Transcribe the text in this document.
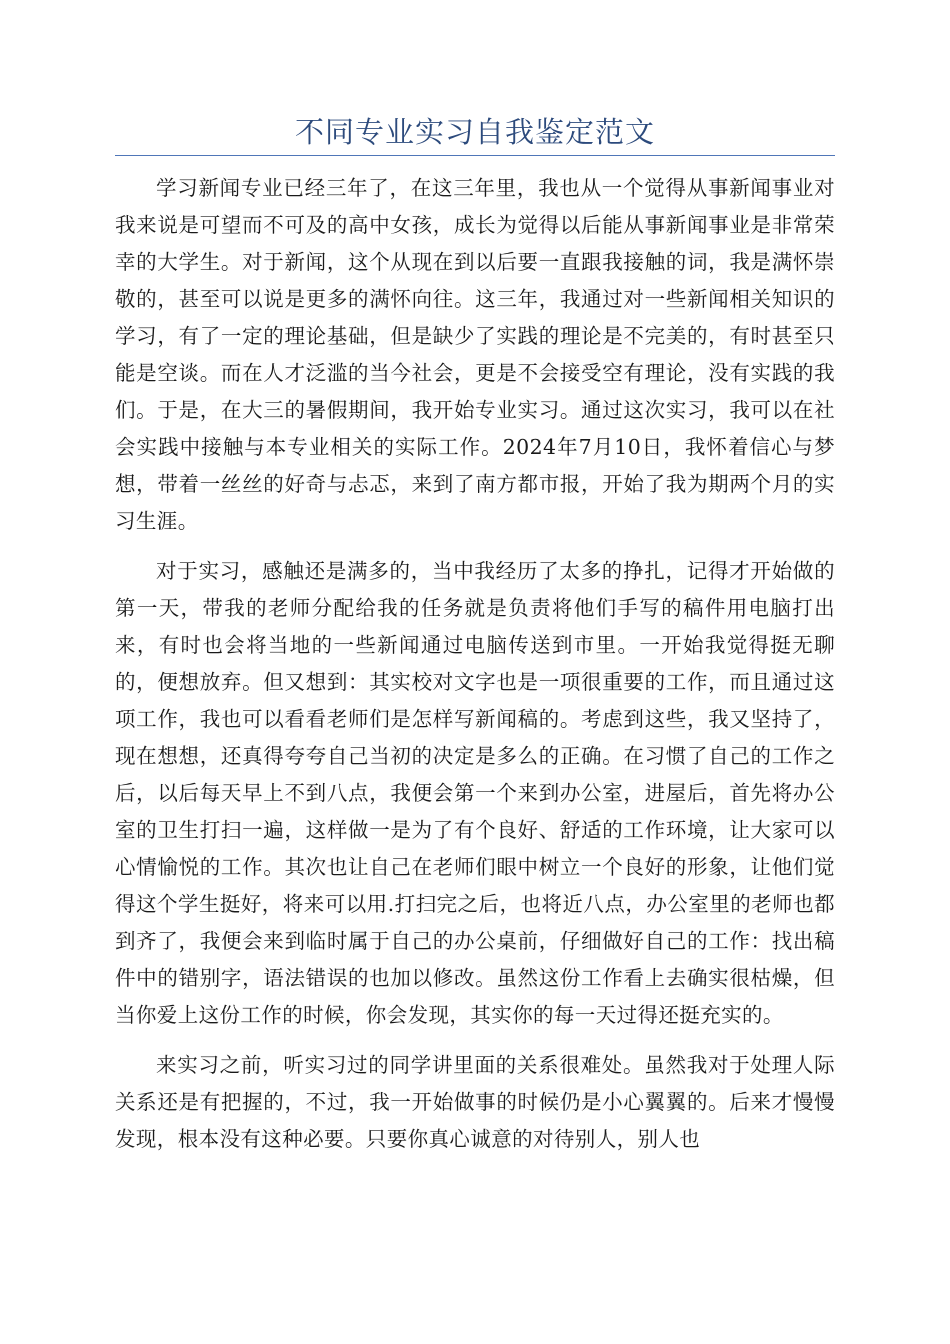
不同专业实习自我鉴定范文

学习新闻专业已经三年了，在这三年里，我也从一个觉得从事新闻事业对我来说是可望而不可及的高中女孩，成长为觉得以后能从事新闻事业是非常荣幸的大学生。对于新闻，这个从现在到以后要一直跟我接触的词，我是满怀崇敬的，甚至可以说是更多的满怀向往。这三年，我通过对一些新闻相关知识的学习，有了一定的理论基础，但是缺少了实践的理论是不完美的，有时甚至只能是空谈。而在人才泛滥的当今社会，更是不会接受空有理论，没有实践的我们。于是，在大三的暑假期间，我开始专业实习。通过这次实习，我可以在社会实践中接触与本专业相关的实际工作。2024年7月10日，我怀着信心与梦想，带着一丝丝的好奇与忐忑，来到了南方都市报，开始了我为期两个月的实习生涯。

对于实习，感触还是满多的，当中我经历了太多的挣扎，记得才开始做的第一天，带我的老师分配给我的任务就是负责将他们手写的稿件用电脑打出来，有时也会将当地的一些新闻通过电脑传送到市里。一开始我觉得挺无聊的，便想放弃。但又想到：其实校对文字也是一项很重要的工作，而且通过这项工作，我也可以看看老师们是怎样写新闻稿的。考虑到这些，我又坚持了，现在想想，还真得夸夸自己当初的决定是多么的正确。在习惯了自己的工作之后，以后每天早上不到八点，我便会第一个来到办公室，进屋后，首先将办公室的卫生打扫一遍，这样做一是为了有个良好、舒适的工作环境，让大家可以心情愉悦的工作。其次也让自己在老师们眼中树立一个良好的形象，让他们觉得这个学生挺好，将来可以用.打扫完之后，也将近八点，办公室里的老师也都到齐了，我便会来到临时属于自己的办公桌前，仔细做好自己的工作：找出稿件中的错别字，语法错误的也加以修改。虽然这份工作看上去确实很枯燥，但当你爱上这份工作的时候，你会发现，其实你的每一天过得还挺充实的。

来实习之前，听实习过的同学讲里面的关系很难处。虽然我对于处理人际关系还是有把握的，不过，我一开始做事的时候仍是小心翼翼的。后来才慢慢发现，根本没有这种必要。只要你真心诚意的对待别人，别人也
